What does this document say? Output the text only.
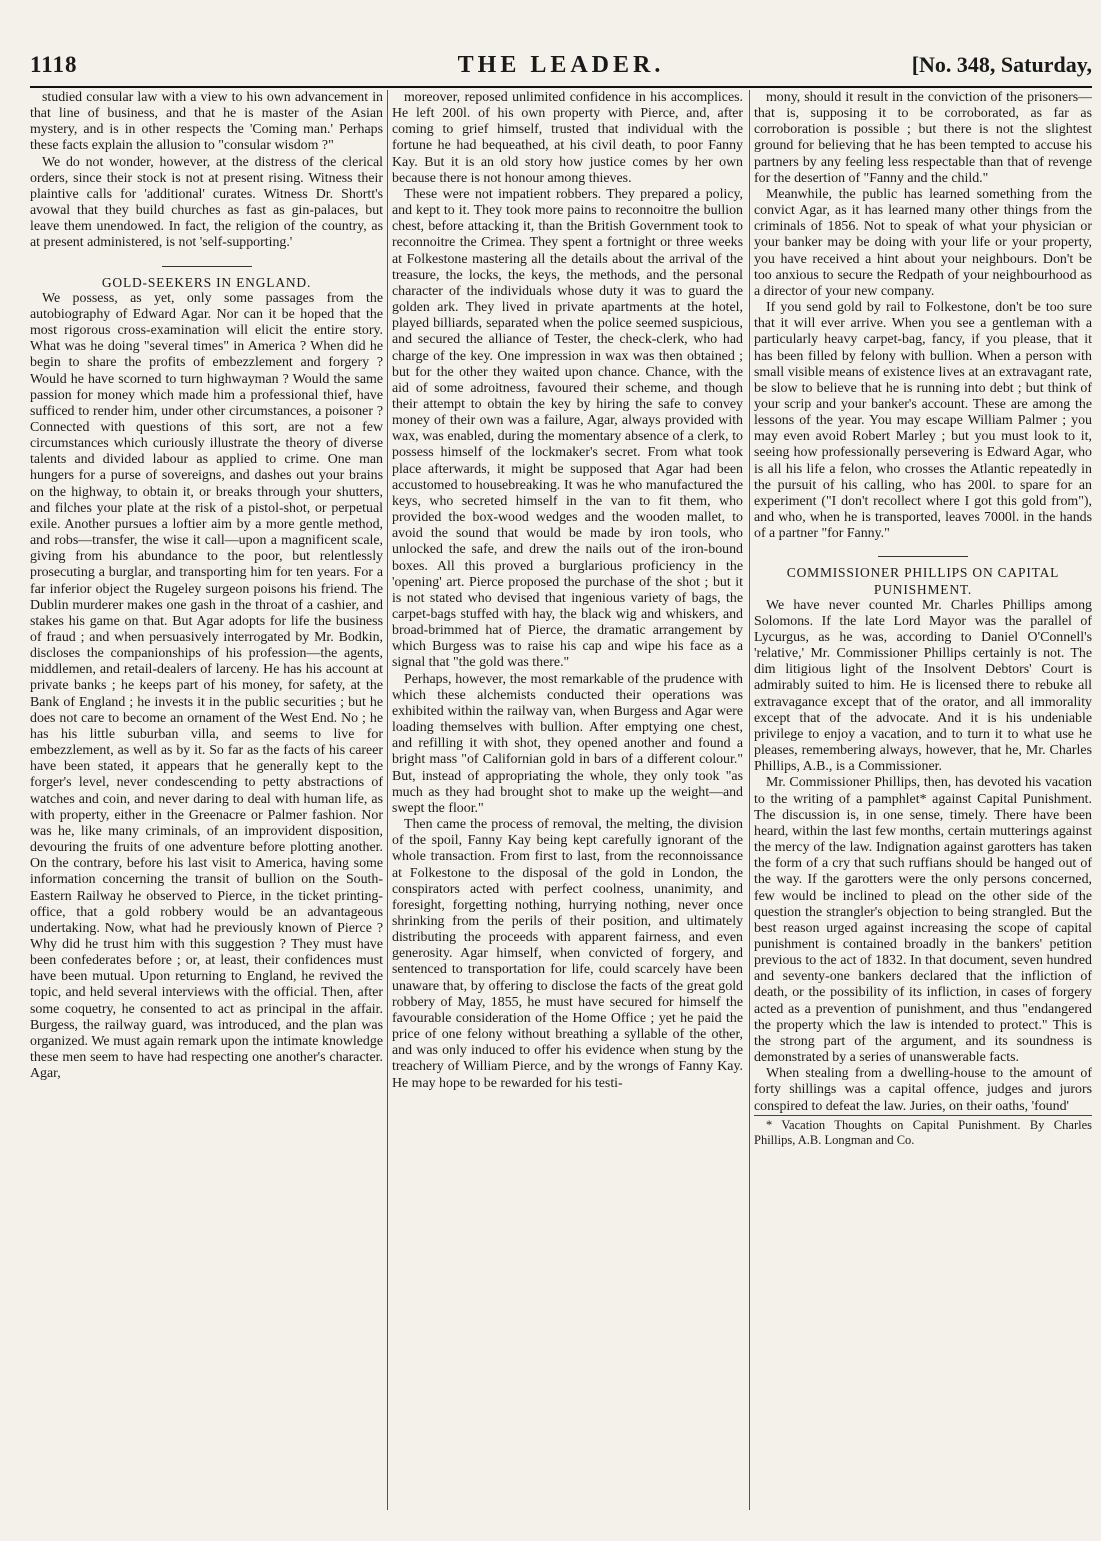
1118	THE LEADER.	[No. 348, Saturday,

studied consular law with a view to his own advancement in that line of business, and that he is master of the Asian mystery, and is in other respects the 'Coming man.' Perhaps these facts explain the allusion to "consular wisdom ?"

We do not wonder, however, at the distress of the clerical orders, since their stock is not at present rising. Witness their plaintive calls for 'additional' curates. Witness Dr. Shortt's avowal that they build churches as fast as gin-palaces, but leave them unendowed. In fact, the religion of the country, as at present administered, is not 'self-supporting.'

GOLD-SEEKERS IN ENGLAND.

We possess, as yet, only some passages from the autobiography of Edward Agar. Nor can it be hoped that the most rigorous cross-examination will elicit the entire story. What was he doing "several times" in America ? When did he begin to share the profits of embezzlement and forgery ? Would he have scorned to turn highwayman ? Would the same passion for money which made him a professional thief, have sufficed to render him, under other circumstances, a poisoner ? Connected with questions of this sort, are not a few circumstances which curiously illustrate the theory of diverse talents and divided labour as applied to crime. One man hungers for a purse of sovereigns, and dashes out your brains on the highway, to obtain it, or breaks through your shutters, and filches your plate at the risk of a pistol-shot, or perpetual exile. Another pursues a loftier aim by a more gentle method, and robs—transfer, the wise it call—upon a magnificent scale, giving from his abundance to the poor, but relentlessly prosecuting a burglar, and transporting him for ten years. For a far inferior object the Rugeley surgeon poisons his friend. The Dublin murderer makes one gash in the throat of a cashier, and stakes his game on that. But Agar adopts for life the business of fraud ; and when persuasively interrogated by Mr. Bodkin, discloses the companionships of his profession—the agents, middlemen, and retail-dealers of larceny. He has his account at private banks ; he keeps part of his money, for safety, at the Bank of England ; he invests it in the public securities ; but he does not care to become an ornament of the West End. No ; he has his little suburban villa, and seems to live for embezzlement, as well as by it. So far as the facts of his career have been stated, it appears that he generally kept to the forger's level, never condescending to petty abstractions of watches and coin, and never daring to deal with human life, as with property, either in the Greenacre or Palmer fashion. Nor was he, like many criminals, of an improvident disposition, devouring the fruits of one adventure before plotting another. On the contrary, before his last visit to America, having some information concerning the transit of bullion on the South-Eastern Railway he observed to Pierce, in the ticket printing-office, that a gold robbery would be an advantageous undertaking. Now, what had he previously known of Pierce ? Why did he trust him with this suggestion ? They must have been confederates before ; or, at least, their confidences must have been mutual. Upon returning to England, he revived the topic, and held several interviews with the official. Then, after some coquetry, he consented to act as principal in the affair. Burgess, the railway guard, was introduced, and the plan was organized. We must again remark upon the intimate knowledge these men seem to have had respecting one another's character. Agar,

moreover, reposed unlimited confidence in his accomplices. He left 200l. of his own property with Pierce, and, after coming to grief himself, trusted that individual with the fortune he had bequeathed, at his civil death, to poor Fanny Kay. But it is an old story how justice comes by her own because there is not honour among thieves.

These were not impatient robbers. They prepared a policy, and kept to it. They took more pains to reconnoitre the bullion chest, before attacking it, than the British Government took to reconnoitre the Crimea. They spent a fortnight or three weeks at Folkestone mastering all the details about the arrival of the treasure, the locks, the keys, the methods, and the personal character of the individuals whose duty it was to guard the golden ark. They lived in private apartments at the hotel, played billiards, separated when the police seemed suspicious, and secured the alliance of Tester, the check-clerk, who had charge of the key. One impression in wax was then obtained ; but for the other they waited upon chance. Chance, with the aid of some adroitness, favoured their scheme, and though their attempt to obtain the key by hiring the safe to convey money of their own was a failure, Agar, always provided with wax, was enabled, during the momentary absence of a clerk, to possess himself of the lockmaker's secret. From what took place afterwards, it might be supposed that Agar had been accustomed to housebreaking. It was he who manufactured the keys, who secreted himself in the van to fit them, who provided the box-wood wedges and the wooden mallet, to avoid the sound that would be made by iron tools, who unlocked the safe, and drew the nails out of the iron-bound boxes. All this proved a burglarious proficiency in the 'opening' art. Pierce proposed the purchase of the shot ; but it is not stated who devised that ingenious variety of bags, the carpet-bags stuffed with hay, the black wig and whiskers, and broad-brimmed hat of Pierce, the dramatic arrangement by which Burgess was to raise his cap and wipe his face as a signal that "the gold was there."

Perhaps, however, the most remarkable of the prudence with which these alchemists conducted their operations was exhibited within the railway van, when Burgess and Agar were loading themselves with bullion. After emptying one chest, and refilling it with shot, they opened another and found a bright mass "of Californian gold in bars of a different colour." But, instead of appropriating the whole, they only took "as much as they had brought shot to make up the weight—and swept the floor."

Then came the process of removal, the melting, the division of the spoil, Fanny Kay being kept carefully ignorant of the whole transaction. From first to last, from the reconnoissance at Folkestone to the disposal of the gold in London, the conspirators acted with perfect coolness, unanimity, and foresight, forgetting nothing, hurrying nothing, never once shrinking from the perils of their position, and ultimately distributing the proceeds with apparent fairness, and even generosity. Agar himself, when convicted of forgery, and sentenced to transportation for life, could scarcely have been unaware that, by offering to disclose the facts of the great gold robbery of May, 1855, he must have secured for himself the favourable consideration of the Home Office ; yet he paid the price of one felony without breathing a syllable of the other, and was only induced to offer his evidence when stung by the treachery of William Pierce, and by the wrongs of Fanny Kay. He may hope to be rewarded for his testi-

mony, should it result in the conviction of the prisoners—that is, supposing it to be corroborated, as far as corroboration is possible ; but there is not the slightest ground for believing that he has been tempted to accuse his partners by any feeling less respectable than that of revenge for the desertion of "Fanny and the child."

Meanwhile, the public has learned something from the convict Agar, as it has learned many other things from the criminals of 1856. Not to speak of what your physician or your banker may be doing with your life or your property, you have received a hint about your neighbours. Don't be too anxious to secure the Redpath of your neighbourhood as a director of your new company.

If you send gold by rail to Folkestone, don't be too sure that it will ever arrive. When you see a gentleman with a particularly heavy carpet-bag, fancy, if you please, that it has been filled by felony with bullion. When a person with small visible means of existence lives at an extravagant rate, be slow to believe that he is running into debt ; but think of your scrip and your banker's account. These are among the lessons of the year. You may escape William Palmer ; you may even avoid Robert Marley ; but you must look to it, seeing how professionally persevering is Edward Agar, who is all his life a felon, who crosses the Atlantic repeatedly in the pursuit of his calling, who has 200l. to spare for an experiment ("I don't recollect where I got this gold from"), and who, when he is transported, leaves 7000l. in the hands of a partner "for Fanny."

COMMISSIONER PHILLIPS ON CAPITAL PUNISHMENT.

We have never counted Mr. Charles Phillips among Solomons. If the late Lord Mayor was the parallel of Lycurgus, as he was, according to Daniel O'Connell's 'relative,' Mr. Commissioner Phillips certainly is not. The dim litigious light of the Insolvent Debtors' Court is admirably suited to him. He is licensed there to rebuke all extravagance except that of the orator, and all immorality except that of the advocate. And it is his undeniable privilege to enjoy a vacation, and to turn it to what use he pleases, remembering always, however, that he, Mr. Charles Phillips, A.B., is a Commissioner.

Mr. Commissioner Phillips, then, has devoted his vacation to the writing of a pamphlet* against Capital Punishment. The discussion is, in one sense, timely. There have been heard, within the last few months, certain mutterings against the mercy of the law. Indignation against garotters has taken the form of a cry that such ruffians should be hanged out of the way. If the garotters were the only persons concerned, few would be inclined to plead on the other side of the question the strangler's objection to being strangled. But the best reason urged against increasing the scope of capital punishment is contained broadly in the bankers' petition previous to the act of 1832. In that document, seven hundred and seventy-one bankers declared that the infliction of death, or the possibility of its infliction, in cases of forgery acted as a prevention of punishment, and thus "endangered the property which the law is intended to protect." This is the strong part of the argument, and its soundness is demonstrated by a series of unanswerable facts.

When stealing from a dwelling-house to the amount of forty shillings was a capital offence, judges and jurors conspired to defeat the law. Juries, on their oaths, 'found'

* Vacation Thoughts on Capital Punishment. By Charles Phillips, A.B. Longman and Co.
